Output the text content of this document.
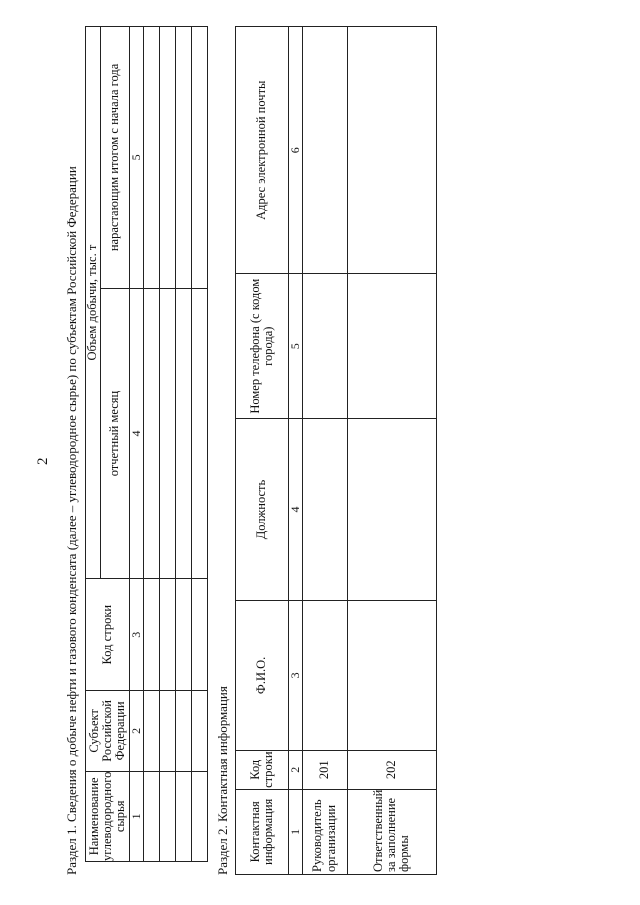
2 Раздел 1. Сведения о добыче нефти и газового конденсата (далее – углеводородное сырье) по субъектам Российской Федерации Наименование углеводородного сырья	Субъект Российской Федерации	Код строки	Объем добычи, тыс. т	
			отчетный месяц	нарастающим итогом с начала года
1	2	3	4	5

Раздел 2. Контактная информация Контактная информация	Код строки	Ф.И.О.	Должность	Номер телефона (с кодом города)	Адрес электронной почты
1	2	3	4	5	6
Руководитель организации	201				
Ответственный за заполнение формы	202				
